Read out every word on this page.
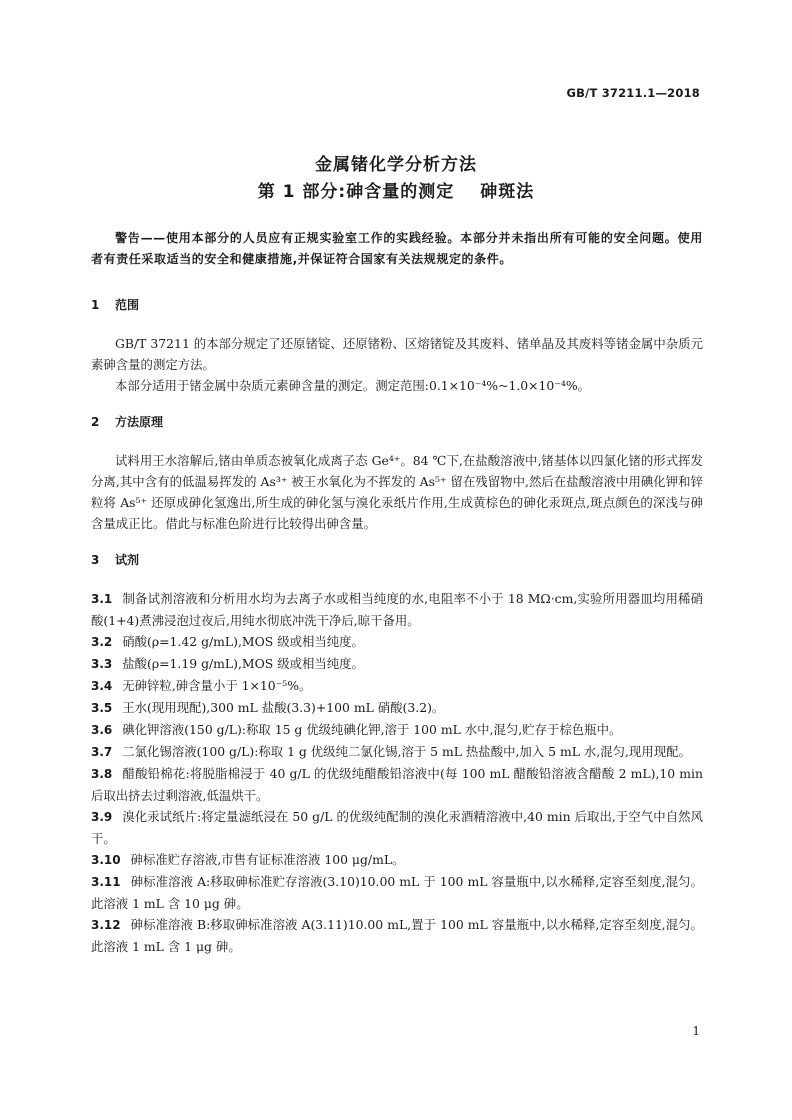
GB/T 37211.1—2018
金属锗化学分析方法
第 1 部分:砷含量的测定 砷斑法

警告——使用本部分的人员应有正规实验室工作的实践经验。本部分并未指出所有可能的安全问题。使用者有责任采取适当的安全和健康措施,并保证符合国家有关法规规定的条件。

1 范围

GB/T 37211 的本部分规定了还原锗锭、还原锗粉、区熔锗锭及其废料、锗单晶及其废料等锗金属中杂质元素砷含量的测定方法。

本部分适用于锗金属中杂质元素砷含量的测定。测定范围:0.1×10⁻⁴%~1.0×10⁻⁴%。

2 方法原理

试料用王水溶解后,锗由单质态被氧化成离子态 Ge⁴⁺。84 ℃下,在盐酸溶液中,锗基体以四氯化锗的形式挥发分离,其中含有的低温易挥发的 As³⁺ 被王水氧化为不挥发的 As⁵⁺ 留在残留物中,然后在盐酸溶液中用碘化钾和锌粒将 As⁵⁺ 还原成砷化氢逸出,所生成的砷化氢与溴化汞纸片作用,生成黄棕色的砷化汞斑点,斑点颜色的深浅与砷含量成正比。借此与标准色阶进行比较得出砷含量。

3 试剂

3.1 制备试剂溶液和分析用水均为去离子水或相当纯度的水,电阻率不小于 18 MΩ·cm,实验所用器皿均用稀硝酸(1+4)煮沸浸泡过夜后,用纯水彻底冲洗干净后,晾干备用。

3.2 硝酸(ρ=1.42 g/mL),MOS 级或相当纯度。

3.3 盐酸(ρ=1.19 g/mL),MOS 级或相当纯度。

3.4 无砷锌粒,砷含量小于 1×10⁻⁵%。

3.5 王水(现用现配),300 mL 盐酸(3.3)+100 mL 硝酸(3.2)。

3.6 碘化钾溶液(150 g/L):称取 15 g 优级纯碘化钾,溶于 100 mL 水中,混匀,贮存于棕色瓶中。

3.7 二氯化锡溶液(100 g/L):称取 1 g 优级纯二氯化锡,溶于 5 mL 热盐酸中,加入 5 mL 水,混匀,现用现配。

3.8 醋酸铅棉花:将脱脂棉浸于 40 g/L 的优级纯醋酸铅溶液中(每 100 mL 醋酸铅溶液含醋酸 2 mL),10 min 后取出挤去过剩溶液,低温烘干。

3.9 溴化汞试纸片:将定量滤纸浸在 50 g/L 的优级纯配制的溴化汞酒精溶液中,40 min 后取出,于空气中自然风干。

3.10 砷标准贮存溶液,市售有证标准溶液 100 μg/mL。

3.11 砷标准溶液 A:移取砷标准贮存溶液(3.10)10.00 mL 于 100 mL 容量瓶中,以水稀释,定容至刻度,混匀。此溶液 1 mL 含 10 μg 砷。

3.12 砷标准溶液 B:移取砷标准溶液 A(3.11)10.00 mL,置于 100 mL 容量瓶中,以水稀释,定容至刻度,混匀。此溶液 1 mL 含 1 μg 砷。

1
